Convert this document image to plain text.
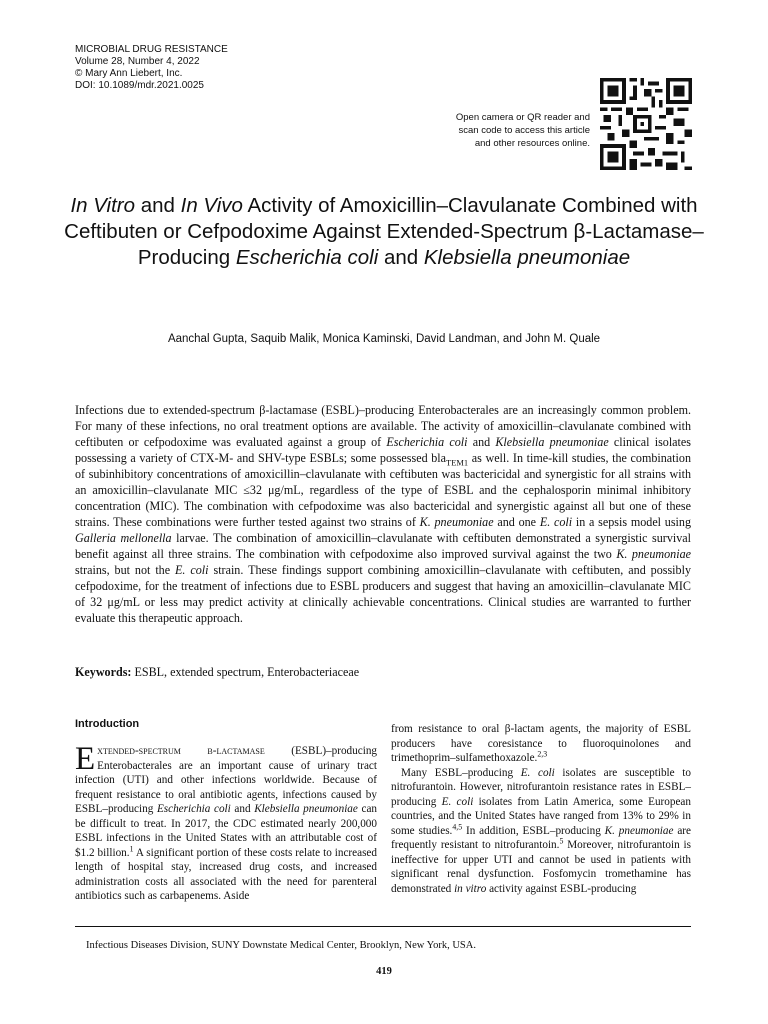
MICROBIAL DRUG RESISTANCE
Volume 28, Number 4, 2022
© Mary Ann Liebert, Inc.
DOI: 10.1089/mdr.2021.0025
Open camera or QR reader and
scan code to access this article
and other resources online.
In Vitro and In Vivo Activity of Amoxicillin–Clavulanate Combined with Ceftibuten or Cefpodoxime Against Extended-Spectrum β-Lactamase–Producing Escherichia coli and Klebsiella pneumoniae
Aanchal Gupta, Saquib Malik, Monica Kaminski, David Landman, and John M. Quale

Infections due to extended-spectrum β-lactamase (ESBL)–producing Enterobacterales are an increasingly common problem. For many of these infections, no oral treatment options are available. The activity of amoxicillin–clavulanate combined with ceftibuten or cefpodoxime was evaluated against a group of Escherichia coli and Klebsiella pneumoniae clinical isolates possessing a variety of CTX-M- and SHV-type ESBLs; some possessed bla$_{TEM1}$ as well. In time-kill studies, the combination of subinhibitory concentrations of amoxicillin–clavulanate with ceftibuten was bactericidal and synergistic for all strains with an amoxicillin–clavulanate MIC ≤32 μg/mL, regardless of the type of ESBL and the cephalosporin minimal inhibitory concentration (MIC). The combination with cefpodoxime was also bactericidal and synergistic against all but one of these strains. These combinations were further tested against two strains of K. pneumoniae and one E. coli in a sepsis model using Galleria mellonella larvae. The combination of amoxicillin–clavulanate with ceftibuten demonstrated a synergistic survival benefit against all three strains. The combination with cefpodoxime also improved survival against the two K. pneumoniae strains, but not the E. coli strain. These findings support combining amoxicillin–clavulanate with ceftibuten, and possibly cefpodoxime, for the treatment of infections due to ESBL producers and suggest that having an amoxicillin–clavulanate MIC of 32 μg/mL or less may predict activity at clinically achievable concentrations. Clinical studies are warranted to further evaluate this therapeutic approach.

Keywords: ESBL, extended spectrum, Enterobacteriaceae

Introduction

Extended-spectrum β-lactamase (ESBL)–producing Enterobacterales are an important cause of urinary tract infection (UTI) and other infections worldwide. Because of frequent resistance to oral antibiotic agents, infections caused by ESBL–producing Escherichia coli and Klebsiella pneumoniae can be difficult to treat. In 2017, the CDC estimated nearly 200,000 ESBL infections in the United States with an attributable cost of $1.2 billion.$^1$ A significant portion of these costs relate to increased length of hospital stay, increased drug costs, and increased administration costs all associated with the need for parenteral antibiotics such as carbapenems. Aside

from resistance to oral β-lactam agents, the majority of ESBL producers have coresistance to fluoroquinolones and trimethoprim–sulfamethoxazole.$^{2,3}$

Many ESBL–producing E. coli isolates are susceptible to nitrofurantoin. However, nitrofurantoin resistance rates in ESBL–producing E. coli isolates from Latin America, some European countries, and the United States have ranged from 13% to 29% in some studies.$^{4,5}$ In addition, ESBL–producing K. pneumoniae are frequently resistant to nitrofurantoin.$^5$ Moreover, nitrofurantoin is ineffective for upper UTI and cannot be used in patients with significant renal dysfunction. Fosfomycin tromethamine has demonstrated in vitro activity against ESBL-producing

Infectious Diseases Division, SUNY Downstate Medical Center, Brooklyn, New York, USA.
419
